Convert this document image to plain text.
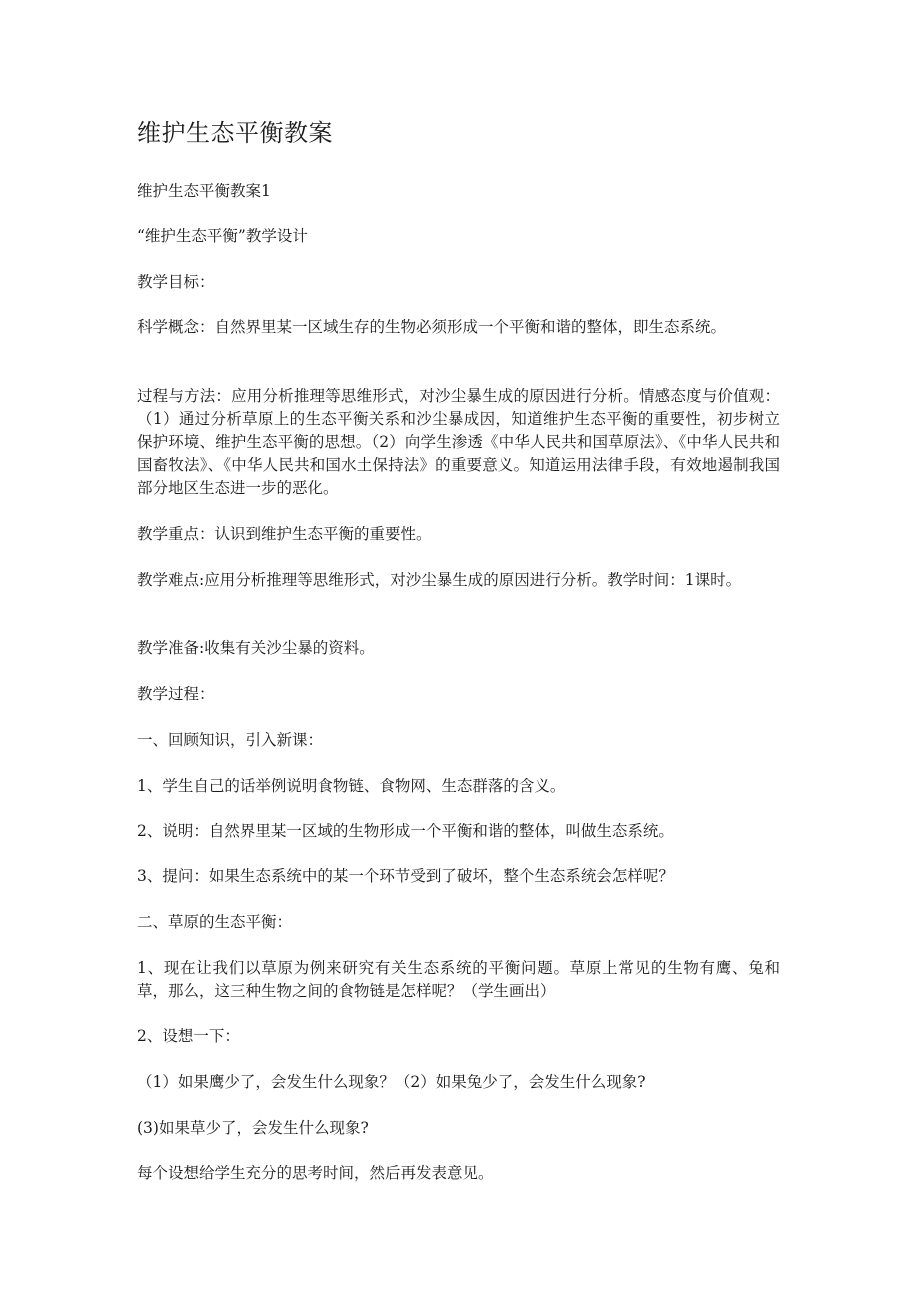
维护生态平衡教案

维护生态平衡教案1

“维护生态平衡”教学设计

教学目标：

科学概念：自然界里某一区域生存的生物必须形成一个平衡和谐的整体，即生态系统。

过程与方法：应用分析推理等思维形式，对沙尘暴生成的原因进行分析。情感态度与价值观：（1）通过分析草原上的生态平衡关系和沙尘暴成因，知道维护生态平衡的重要性，初步树立保护环境、维护生态平衡的思想。（2）向学生渗透《中华人民共和国草原法》、《中华人民共和国畜牧法》、《中华人民共和国水土保持法》的重要意义。知道运用法律手段，有效地遏制我国部分地区生态进一步的恶化。

教学重点：认识到维护生态平衡的重要性。

教学难点:应用分析推理等思维形式，对沙尘暴生成的原因进行分析。教学时间：1课时。

教学准备:收集有关沙尘暴的资料。

教学过程：

一、回顾知识，引入新课：

1、学生自己的话举例说明食物链、食物网、生态群落的含义。

2、说明：自然界里某一区域的生物形成一个平衡和谐的整体，叫做生态系统。

3、提问：如果生态系统中的某一个环节受到了破坏，整个生态系统会怎样呢？

二、草原的生态平衡：

1、现在让我们以草原为例来研究有关生态系统的平衡问题。草原上常见的生物有鹰、兔和草，那么，这三种生物之间的食物链是怎样呢？（学生画出）

2、设想一下：

（1）如果鹰少了，会发生什么现象？（2）如果兔少了，会发生什么现象?

(3)如果草少了，会发生什么现象?

每个设想给学生充分的思考时间，然后再发表意见。
